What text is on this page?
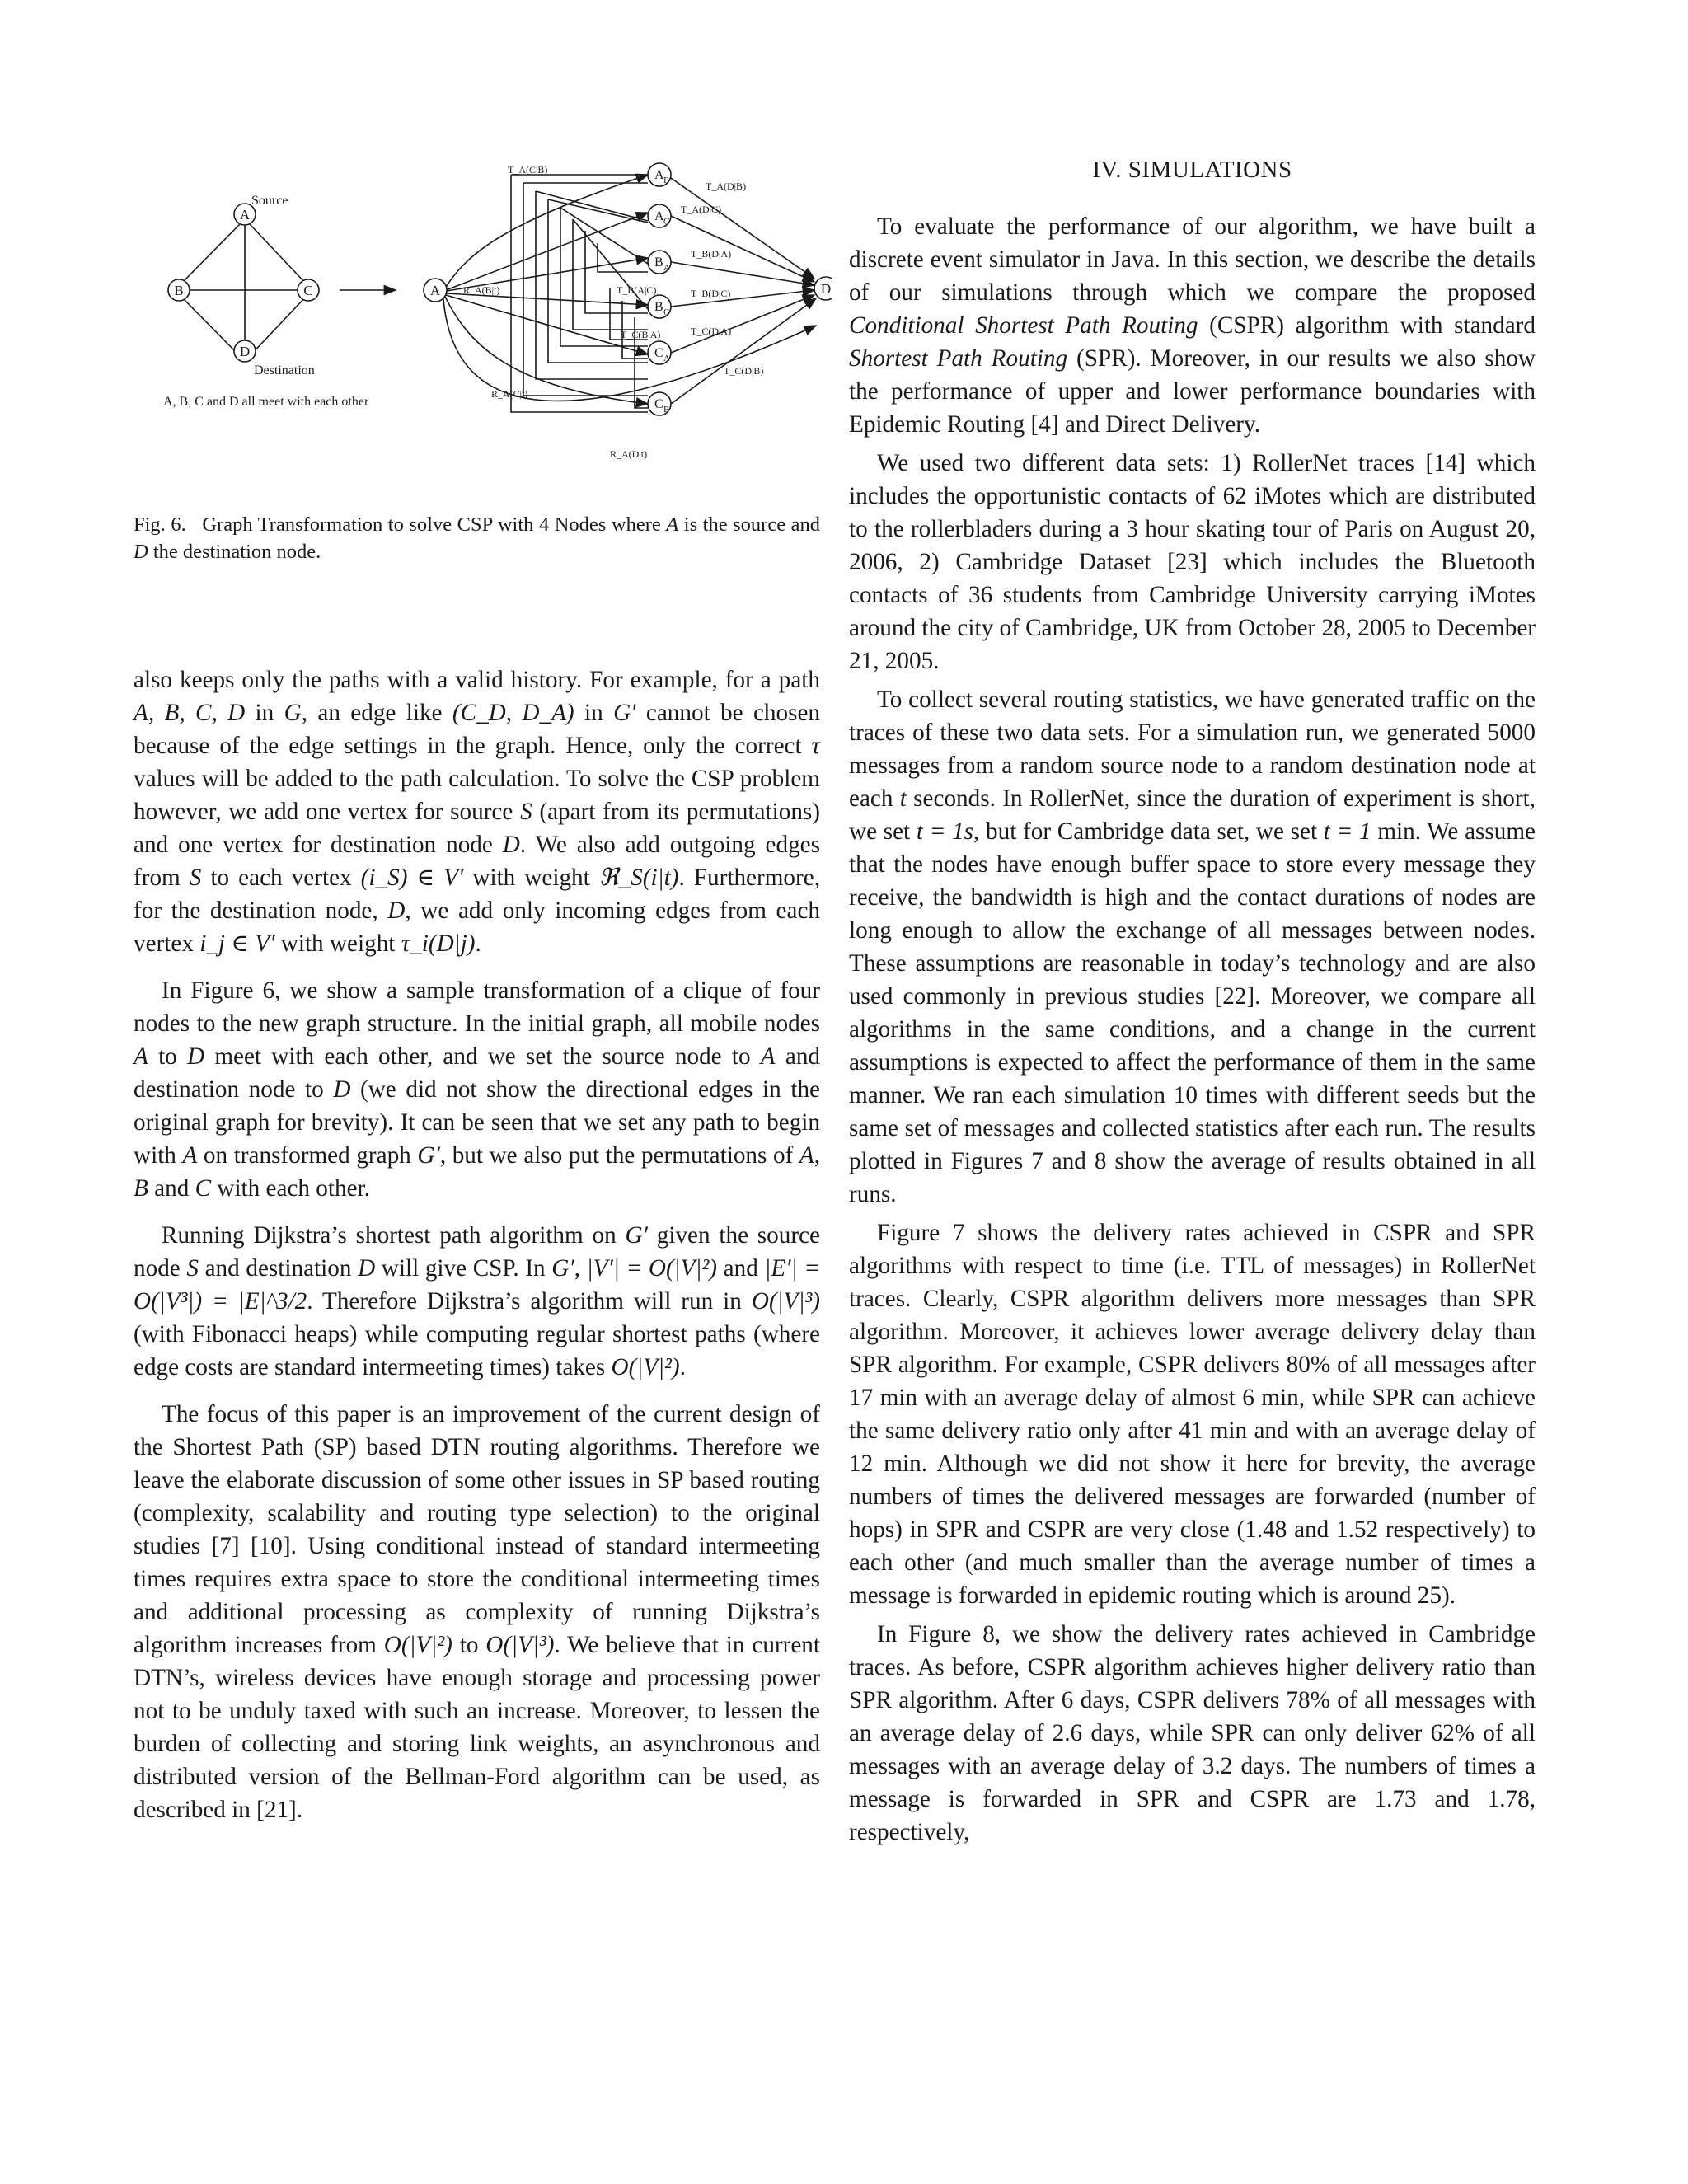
A
B	C
D
A	D
A B
A C
B A
B C
C A
C B
Source
Destination
A, B, C and D all meet with each other
T_A(C|B)
T_A(D|B)
T_A(D|C)
T_B(D|A)
T_B(A|C)	T_B(D|C)
T_C(B|A)	T_C(D|A)
T_C(D|B)
R_A(B|t)
R_A(C|t)
R_A(D|t)
Fig. 6. Graph Transformation to solve CSP with 4 Nodes where A is the source and D the destination node.
IV. SIMULATIONS

also keeps only the paths with a valid history. For example, for a path A, B, C, D in G, an edge like (C_D, D_A) in G′ cannot be chosen because of the edge settings in the graph. Hence, only the correct τ values will be added to the path calculation. To solve the CSP problem however, we add one vertex for source S (apart from its permutations) and one vertex for destination node D. We also add outgoing edges from S to each vertex (i_S) ∈ V′ with weight ℜ_S(i|t). Furthermore, for the destination node, D, we add only incoming edges from each vertex i_j ∈ V′ with weight τ_i(D|j).

In Figure 6, we show a sample transformation of a clique of four nodes to the new graph structure. In the initial graph, all mobile nodes A to D meet with each other, and we set the source node to A and destination node to D (we did not show the directional edges in the original graph for brevity). It can be seen that we set any path to begin with A on transformed graph G′, but we also put the permutations of A, B and C with each other.

Running Dijkstra’s shortest path algorithm on G′ given the source node S and destination D will give CSP. In G′, |V′| = O(|V|²) and |E′| = O(|V³|) = |E|^3/2. Therefore Dijkstra’s algorithm will run in O(|V|³) (with Fibonacci heaps) while computing regular shortest paths (where edge costs are standard intermeeting times) takes O(|V|²).

The focus of this paper is an improvement of the current design of the Shortest Path (SP) based DTN routing algorithms. Therefore we leave the elaborate discussion of some other issues in SP based routing (complexity, scalability and routing type selection) to the original studies [7] [10]. Using conditional instead of standard intermeeting times requires extra space to store the conditional intermeeting times and additional processing as complexity of running Dijkstra’s algorithm increases from O(|V|²) to O(|V|³). We believe that in current DTN’s, wireless devices have enough storage and processing power not to be unduly taxed with such an increase. Moreover, to lessen the burden of collecting and storing link weights, an asynchronous and distributed version of the Bellman-Ford algorithm can be used, as described in [21].

To evaluate the performance of our algorithm, we have built a discrete event simulator in Java. In this section, we describe the details of our simulations through which we compare the proposed Conditional Shortest Path Routing (CSPR) algorithm with standard Shortest Path Routing (SPR). Moreover, in our results we also show the performance of upper and lower performance boundaries with Epidemic Routing [4] and Direct Delivery.

We used two different data sets: 1) RollerNet traces [14] which includes the opportunistic contacts of 62 iMotes which are distributed to the rollerbladers during a 3 hour skating tour of Paris on August 20, 2006, 2) Cambridge Dataset [23] which includes the Bluetooth contacts of 36 students from Cambridge University carrying iMotes around the city of Cambridge, UK from October 28, 2005 to December 21, 2005.

To collect several routing statistics, we have generated traffic on the traces of these two data sets. For a simulation run, we generated 5000 messages from a random source node to a random destination node at each t seconds. In RollerNet, since the duration of experiment is short, we set t = 1s, but for Cambridge data set, we set t = 1 min. We assume that the nodes have enough buffer space to store every message they receive, the bandwidth is high and the contact durations of nodes are long enough to allow the exchange of all messages between nodes. These assumptions are reasonable in today’s technology and are also used commonly in previous studies [22]. Moreover, we compare all algorithms in the same conditions, and a change in the current assumptions is expected to affect the performance of them in the same manner. We ran each simulation 10 times with different seeds but the same set of messages and collected statistics after each run. The results plotted in Figures 7 and 8 show the average of results obtained in all runs.

Figure 7 shows the delivery rates achieved in CSPR and SPR algorithms with respect to time (i.e. TTL of messages) in RollerNet traces. Clearly, CSPR algorithm delivers more messages than SPR algorithm. Moreover, it achieves lower average delivery delay than SPR algorithm. For example, CSPR delivers 80% of all messages after 17 min with an average delay of almost 6 min, while SPR can achieve the same delivery ratio only after 41 min and with an average delay of 12 min. Although we did not show it here for brevity, the average numbers of times the delivered messages are forwarded (number of hops) in SPR and CSPR are very close (1.48 and 1.52 respectively) to each other (and much smaller than the average number of times a message is forwarded in epidemic routing which is around 25).

In Figure 8, we show the delivery rates achieved in Cambridge traces. As before, CSPR algorithm achieves higher delivery ratio than SPR algorithm. After 6 days, CSPR delivers 78% of all messages with an average delay of 2.6 days, while SPR can only deliver 62% of all messages with an average delay of 3.2 days. The numbers of times a message is forwarded in SPR and CSPR are 1.73 and 1.78, respectively,
